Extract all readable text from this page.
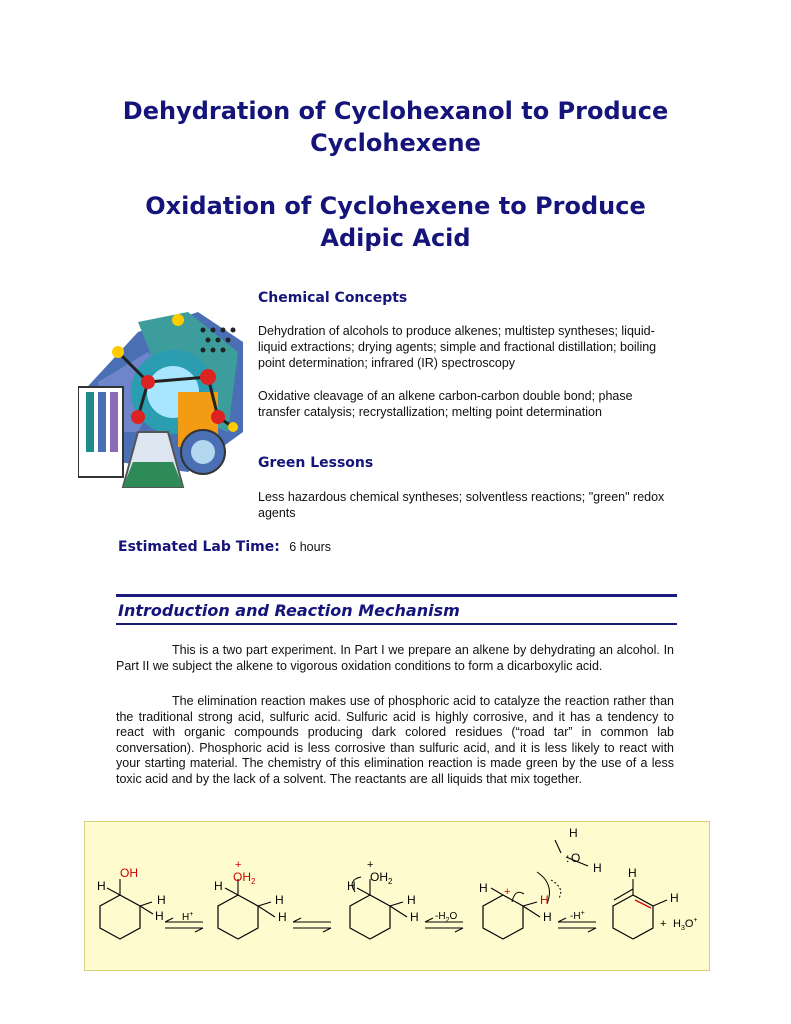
Dehydration of Cyclohexanol to Produce
Cyclohexene
Oxidation of Cyclohexene to Produce
Adipic Acid
Chemical Concepts

Dehydration of alcohols to produce alkenes; multistep syntheses; liquid-liquid extractions; drying agents; simple and fractional distillation; boiling point determination; infrared (IR) spectroscopy

Oxidative cleavage of an alkene carbon-carbon double bond; phase transfer catalysis; recrystallization; melting point determination

Green Lessons

Less hazardous chemical syntheses; solventless reactions; "green" redox agents

Estimated Lab Time: 6 hours
Introduction and Reaction Mechanism

This is a two part experiment. In Part I we prepare an alkene by dehydrating an alcohol. In Part II we subject the alkene to vigorous oxidation conditions to form a dicarboxylic acid.

The elimination reaction makes use of phosphoric acid to catalyze the reaction rather than the traditional strong acid, sulfuric acid. Sulfuric acid is highly corrosive, and it has a tendency to react with organic compounds producing dark colored residues (“road tar” in common lab conversation). Phosphoric acid is less corrosive than sulfuric acid, and it is less likely to react with your starting material. The chemistry of this elimination reaction is made green by the use of a less toxic acid and by the lack of a solvent. The reactants are all liquids that mix together.

OH
H
H
H H+
+
$OH_2$
H
H
H
+
$OH_2$
H
H
H $-H_2O$
H +
H
H -H+
H
: O
H H
H
+ $H_3O^+$
